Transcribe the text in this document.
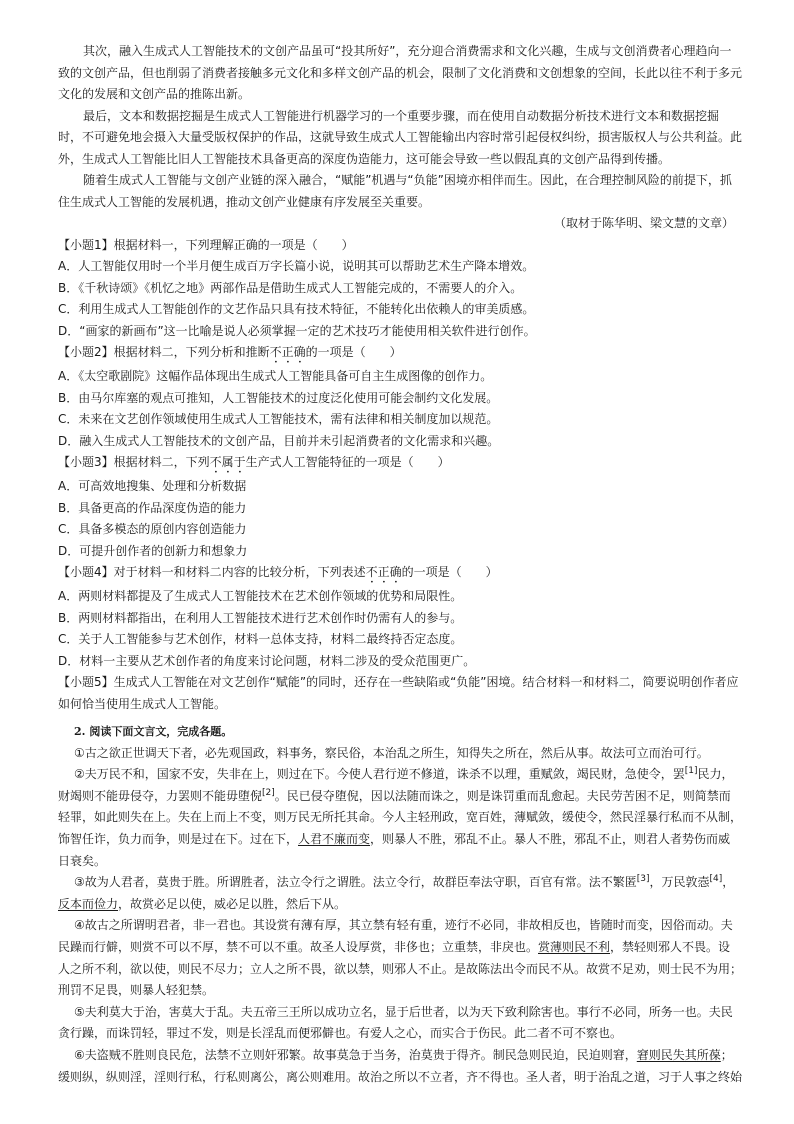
其次，融入生成式人工智能技术的文创产品虽可“投其所好”，充分迎合消费需求和文化兴趣，生成与文创消费者心理趋向一致的文创产品，但也削弱了消费者接触多元文化和多样文创产品的机会，限制了文化消费和文创想象的空间，长此以往不利于多元文化的发展和文创产品的推陈出新。

最后，文本和数据挖掘是生成式人工智能进行机器学习的一个重要步骤，而在使用自动数据分析技术进行文本和数据挖掘时，不可避免地会摄入大量受版权保护的作品，这就导致生成式人工智能输出内容时常引起侵权纠纷，损害版权人与公共利益。此外，生成式人工智能比旧人工智能技术具备更高的深度伪造能力，这可能会导致一些以假乱真的文创产品得到传播。

随着生成式人工智能与文创产业链的深入融合，“赋能”机遇与“负能”困境亦相伴而生。因此，在合理控制风险的前提下，抓住生成式人工智能的发展机遇，推动文创产业健康有序发展至关重要。

（取材于陈华明、梁文慧的文章）

【小题1】根据材料一，下列理解正确的一项是（　　）

A．人工智能仅用时一个半月便生成百万字长篇小说，说明其可以帮助艺术生产降本增效。

B．《千秋诗颂》《机忆之地》两部作品是借助生成式人工智能完成的，不需要人的介入。

C．利用生成式人工智能创作的文艺作品只具有技术特征，不能转化出依赖人的审美质感。

D．“画家的新画布”这一比喻是说人必须掌握一定的艺术技巧才能使用相关软件进行创作。

【小题2】根据材料二，下列分析和推断不正确的一项是（　　）

A．《太空歌剧院》这幅作品体现出生成式人工智能具备可自主生成图像的创作力。

B．由马尔库塞的观点可推知，人工智能技术的过度泛化使用可能会制约文化发展。

C．未来在文艺创作领域使用生成式人工智能技术，需有法律和相关制度加以规范。

D．融入生成式人工智能技术的文创产品，目前并未引起消费者的文化需求和兴趣。

【小题3】根据材料二，下列不属于生产式人工智能特征的一项是（　　）

A．可高效地搜集、处理和分析数据

B．具备更高的作品深度伪造的能力

C．具备多模态的原创内容创造能力

D．可提升创作者的创新力和想象力

【小题4】对于材料一和材料二内容的比较分析，下列表述不正确的一项是（　　）

A．两则材料都提及了生成式人工智能技术在艺术创作领域的优势和局限性。

B．两则材料都指出，在利用人工智能技术进行艺术创作时仍需有人的参与。

C．关于人工智能参与艺术创作，材料一总体支持，材料二最终持否定态度。

D．材料一主要从艺术创作者的角度来讨论问题，材料二涉及的受众范围更广。

【小题5】生成式人工智能在对文艺创作“赋能”的同时，还存在一些缺陷或“负能”困境。结合材料一和材料二，简要说明创作者应如何恰当使用生成式人工智能。

2. 阅读下面文言文，完成各题。

①古之欲正世调天下者，必先观国政，料事务，察民俗，本治乱之所生，知得失之所在，然后从事。故法可立而治可行。

②夫万民不和，国家不安，失非在上，则过在下。今使人君行逆不修道，诛杀不以理，重赋敛，竭民财，急使令，罢[1]民力，财竭则不能毋侵夺，力罢则不能毋堕倪[2]。民已侵夺堕倪，因以法随而诛之，则是诛罚重而乱愈起。夫民劳苦困不足，则简禁而轻罪，如此则失在上。失在上而上不变，则万民无所托其命。今人主轻刑政，宽百姓，薄赋敛，缓使令，然民淫暴行私而不从制，饰智任诈，负力而争，则是过在下。过在下，人君不廉而变，则暴人不胜，邪乱不止。暴人不胜，邪乱不止，则君人者势伤而威日衰矣。

③故为人君者，莫贵于胜。所谓胜者，法立令行之谓胜。法立令行，故群臣奉法守职，百官有常。法不繁匿[3]，万民敦悫[4]，反本而俭力，故赏必足以使，威必足以胜，然后下从。

④故古之所谓明君者，非一君也。其设赏有薄有厚，其立禁有轻有重，迹行不必同，非故相反也，皆随时而变，因俗而动。夫民躁而行僻，则赏不可以不厚，禁不可以不重。故圣人设厚赏，非侈也；立重禁，非戾也。赏薄则民不利，禁轻则邪人不畏。设人之所不利，欲以使，则民不尽力；立人之所不畏，欲以禁，则邪人不止。是故陈法出令而民不从。故赏不足劝，则士民不为用；刑罚不足畏，则暴人轻犯禁。

⑤夫利莫大于治，害莫大于乱。夫五帝三王所以成功立名，显于后世者，以为天下致利除害也。事行不必同，所务一也。夫民贪行躁，而诛罚轻，罪过不发，则是长淫乱而便邪僻也。有爱人之心，而实合于伤民。此二者不可不察也。

⑥夫盗贼不胜则良民危，法禁不立则奸邪繁。故事莫急于当务，治莫贵于得齐。制民急则民迫，民迫则窘，窘则民失其所葆；缓则纵，纵则淫，淫则行私，行私则离公，离公则难用。故治之所以不立者，齐不得也。圣人者，明于治乱之道，习于人事之终始
